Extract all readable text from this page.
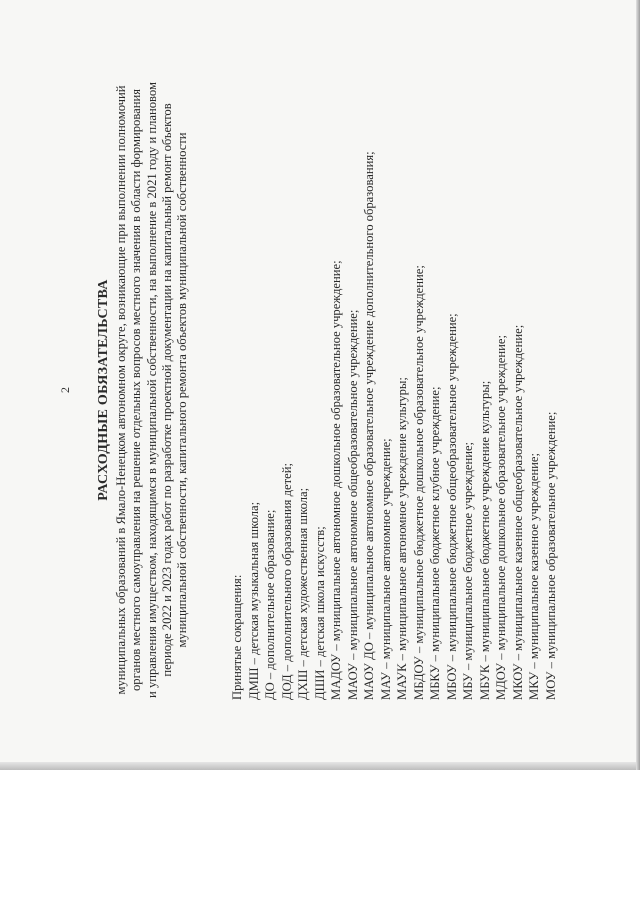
2 РАСХОДНЫЕ ОБЯЗАТЕЛЬСТВА муниципальных образований в Ямало-Ненецком автономном округе, возникающие при выполнении полномочий органов местного самоуправления на решение отдельных вопросов местного значения в области формирования и управления имуществом, находящимся в муниципальной собственности, на выполнение в 2021 году и плановом периоде 2022 и 2023 годах работ по разработке проектной документации на капитальный ремонт объектов муниципальной собственности, капитального ремонта объектов муниципальной собственности	Принятые сокращения: ДМШ – детская музыкальная школа; ДО – дополнительное образование; ДОД – дополнительного образования детей; ДХШ – детская художественная школа; ДШИ – детская школа искусств; МАДОУ – муниципальное автономное дошкольное образовательное учреждение; МАОУ – муниципальное автономное общеобразовательное учреждение; МАОУ ДО – муниципальное автономное образовательное учреждение дополнительного образования; МАУ – муниципальное автономное учреждение; МАУК – муниципальное автономное учреждение культуры; МБДОУ – муниципальное бюджетное дошкольное образовательное учреждение; МБКУ – муниципальное бюджетное клубное учреждение; МБОУ – муниципальное бюджетное общеобразовательное учреждение; МБУ – муниципальное бюджетное учреждение; МБУК – муниципальное бюджетное учреждение культуры; МДОУ – муниципальное дошкольное образовательное учреждение; МКОУ – муниципальное казенное общеобразовательное учреждение; МКУ – муниципальное казенное учреждение; МОУ – муниципальное образовательное учреждение;
